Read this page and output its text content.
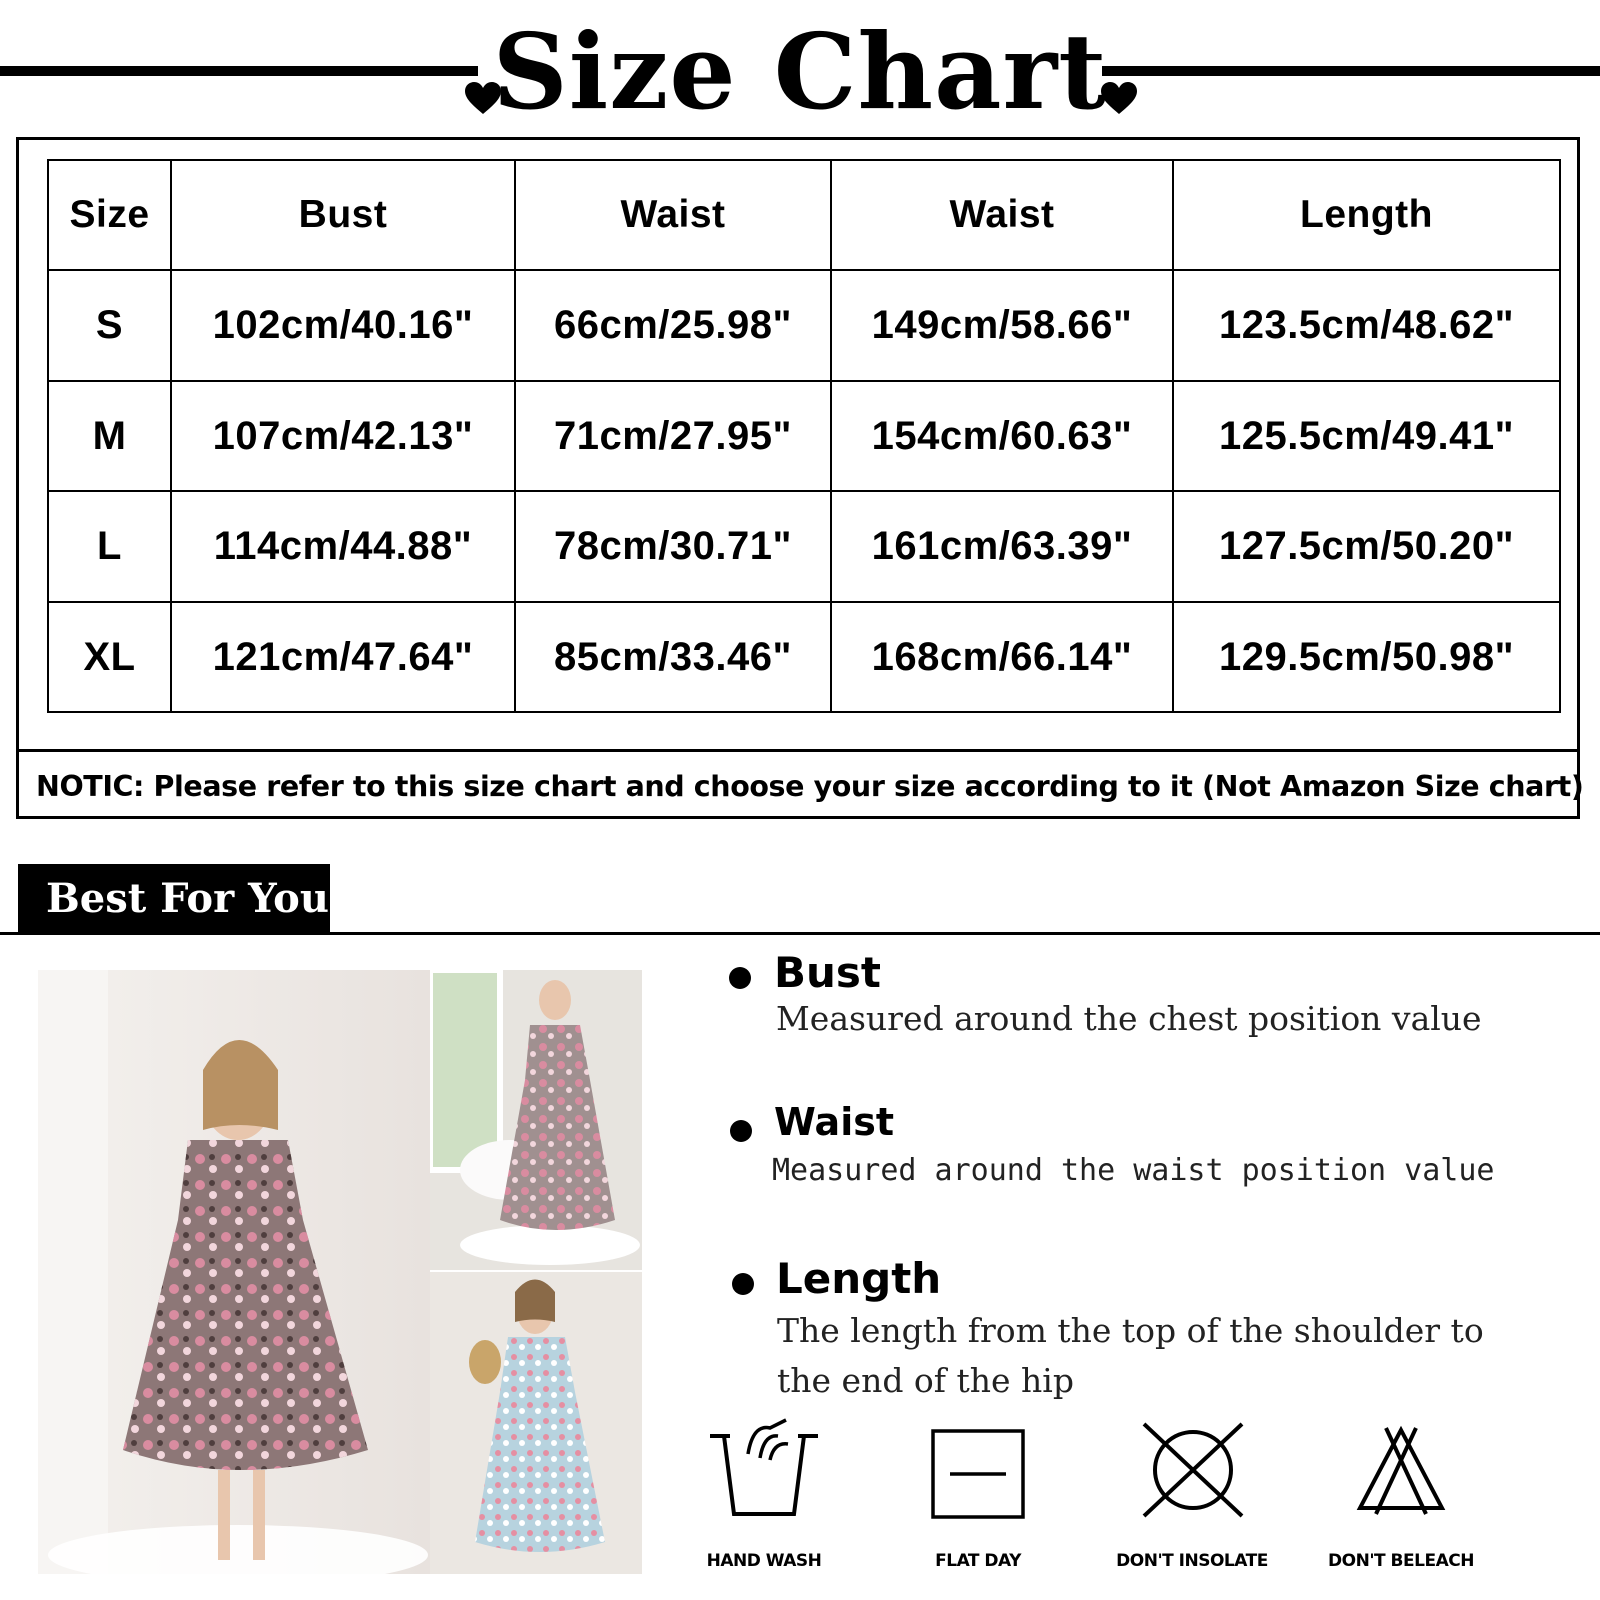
Size Chart
Size	Bust	Waist	Waist	Length
S	102cm/40.16"	66cm/25.98"	149cm/58.66"	123.5cm/48.62"
M	107cm/42.13"	71cm/27.95"	154cm/60.63"	125.5cm/49.41"
L	114cm/44.88"	78cm/30.71"	161cm/63.39"	127.5cm/50.20"
XL	121cm/47.64"	85cm/33.46"	168cm/66.14"	129.5cm/50.98"
NOTIC: Please refer to this size chart and choose your size according to it (Not Amazon Size chart)
Best For You
Bust
Measured around the chest position value
Waist
Measured around the waist position value
Length
The length from the top of the shoulder to
the end of the hip
HAND WASH	FLAT DAY	DON'T INSOLATE	DON'T BELEACH
